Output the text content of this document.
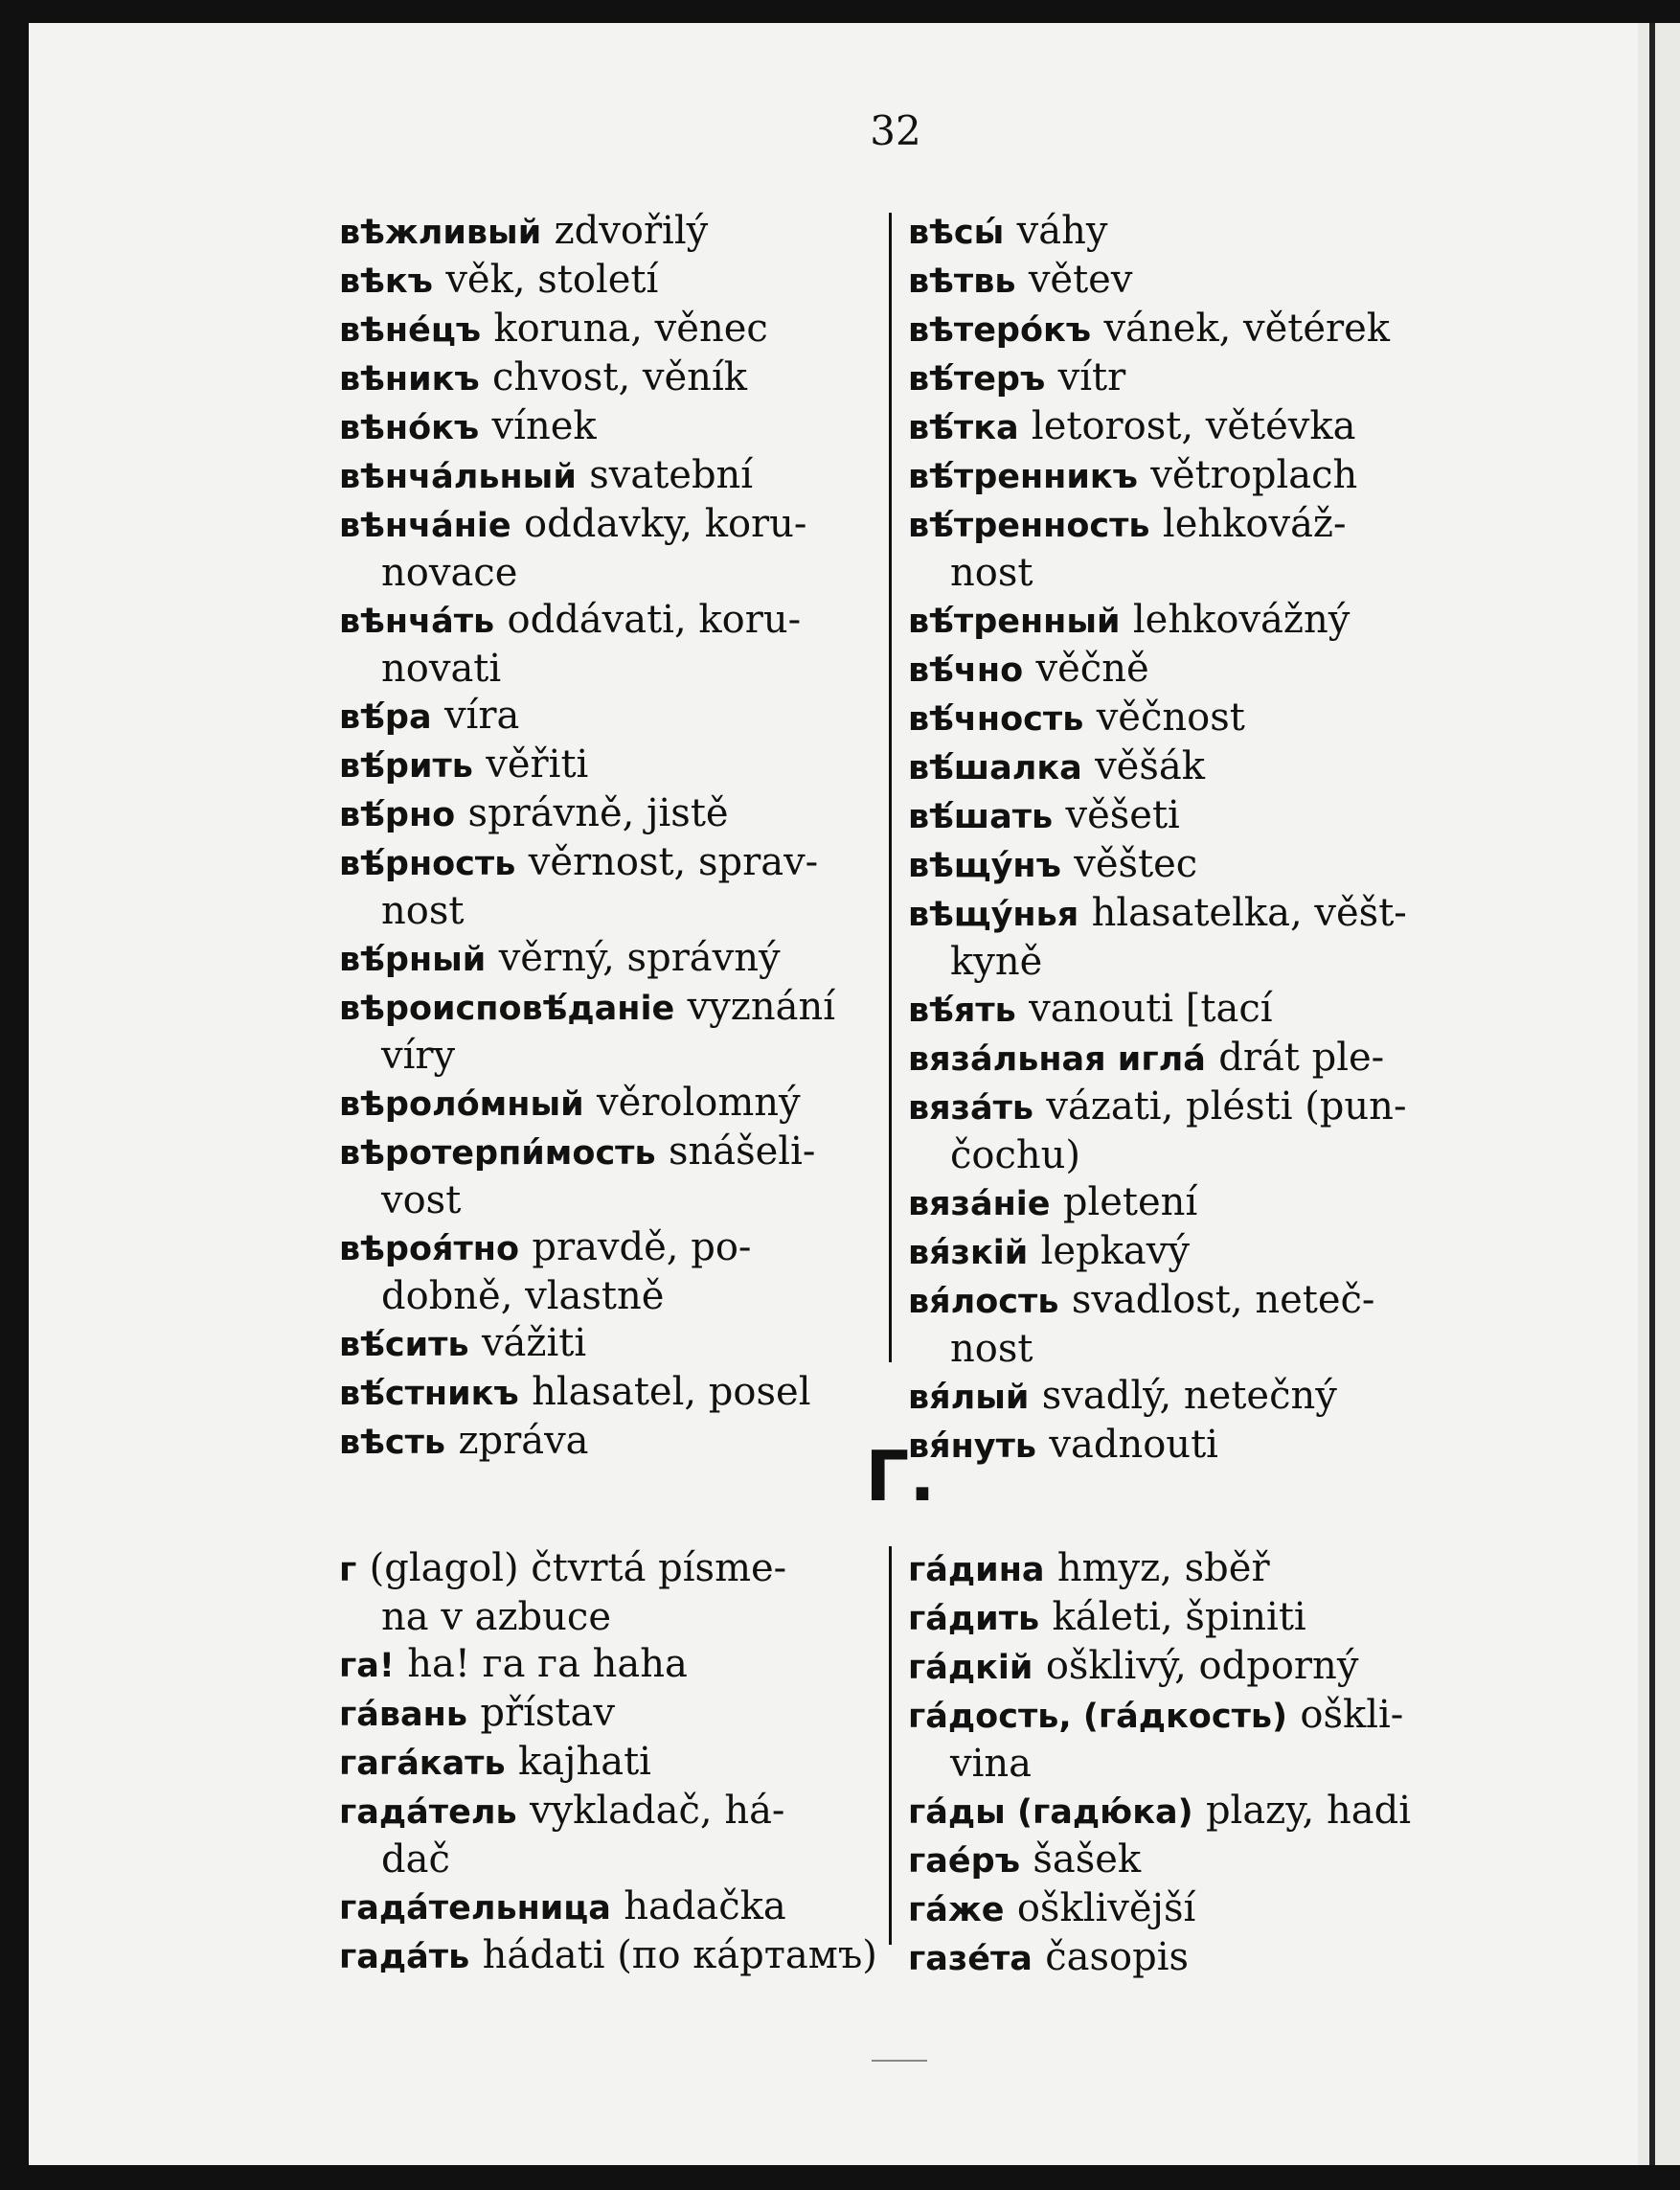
32
вѣжливый zdvořilý
вѣкъ věk, století
вѣнéцъ koruna, věnec
вѣникъ chvost, věník
вѣнóкъ vínek
вѣнчáльный svatební
вѣнчáніе oddavky, koru-
novace
вѣнчáть oddávati, koru-
novati
вѣ́ра víra
вѣ́рить věřiti
вѣ́рно správně, jistě
вѣ́рность věrnost, sprav-
nost
вѣ́рный věrný, správný
вѣроисповѣ́даніе vyznání
víry
вѣролóмный věrolomný
вѣротерпи́мость snášeli-
vost
вѣроя́тно pravdě, po-
dobně, vlastně
вѣ́сить vážiti
вѣ́стникъ hlasatel, posel
вѣсть zpráva
вѣсы́ váhy
вѣтвь větev
вѣтерóкъ vánek, větérek
вѣ́теръ vítr
вѣ́тка letorost, větévka
вѣ́тренникъ větroplach
вѣ́тренность lehkováž-
nost
вѣ́тренный lehkovážný
вѣ́чно věčně
вѣ́чность věčnost
вѣ́шалка věšák
вѣ́шать věšeti
вѣщýнъ věštec
вѣщýнья hlasatelka, věšt-
kyně
вѣ́ять vanouti [tací
вязáльная иглá drát ple-
вязáть vázati, plésti (pun-
čochu)
вязáніе pletení
вя́зкій lepkavý
вя́лость svadlost, neteč-
nost
вя́лый svadlý, netečný
вя́нуть vadnouti
Г.
г (glagol) čtvrtá písme-
na v azbuce
га! ha! га га haha
гáвань přístav
гагáкать kajhati
гадáтель vykladač, há-
dač
гадáтельница hadačka
гадáть hádati (по кáртамъ)
гáдина hmyz, sběř
гáдить káleti, špiniti
гáдкій ošklivý, odporný
гáдость, (гáдкость) oškli-
vina
гáды (гадю́ка) plazy, hadi
гаéръ šašek
гáже ošklivější
газéта časopis
